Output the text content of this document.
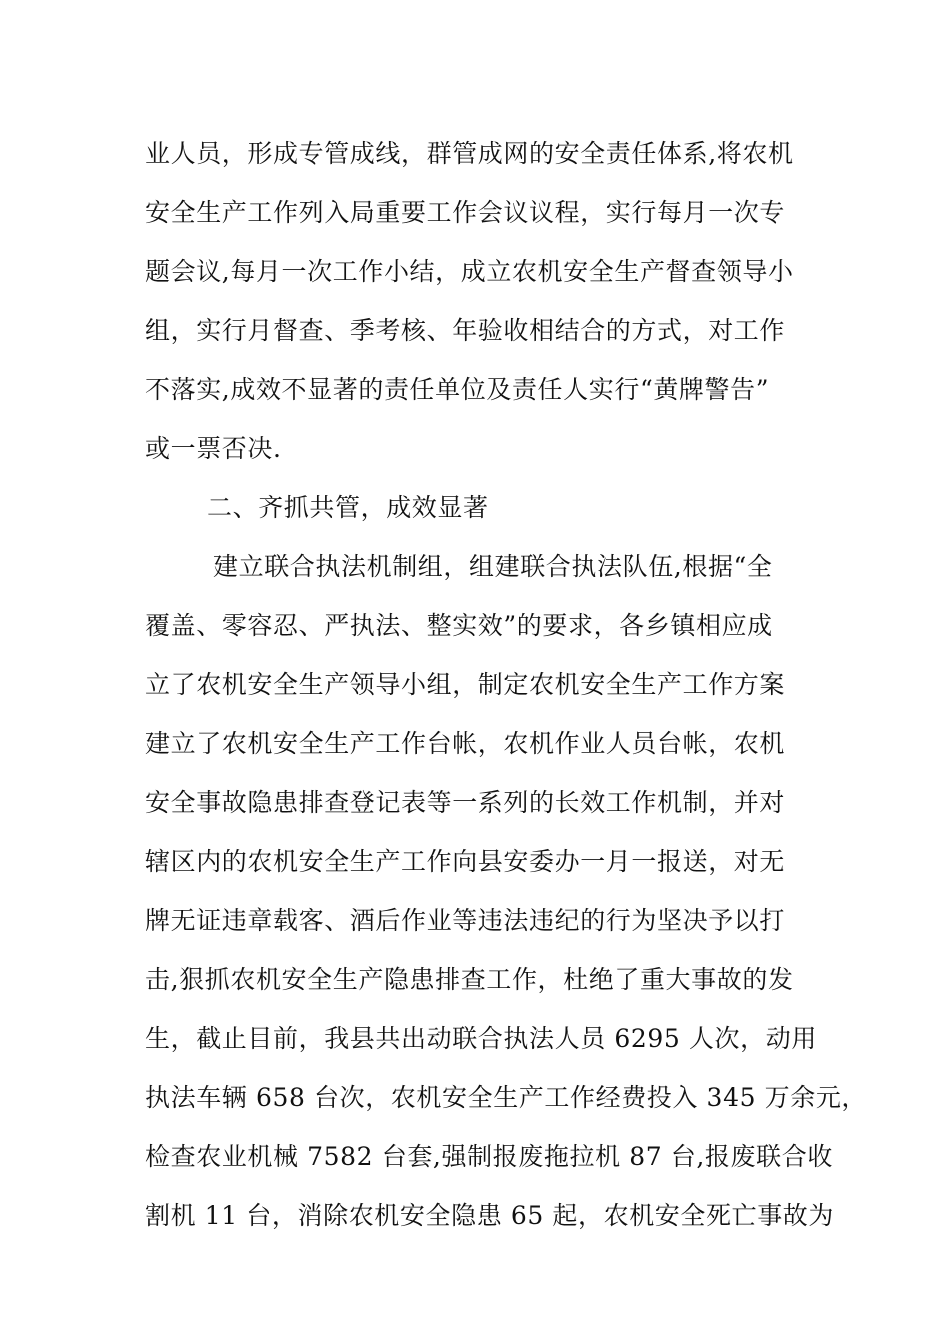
业人员，形成专管成线，群管成网的安全责任体系,将农机
安全生产工作列入局重要工作会议议程，实行每月一次专
题会议,每月一次工作小结，成立农机安全生产督查领导小
组，实行月督查、季考核、年验收相结合的方式，对工作
不落实,成效不显著的责任单位及责任人实行“黄牌警告”
或一票否决.
二、齐抓共管，成效显著
建立联合执法机制组，组建联合执法队伍,根据“全
覆盖、零容忍、严执法、整实效”的要求，各乡镇相应成
立了农机安全生产领导小组，制定农机安全生产工作方案
建立了农机安全生产工作台帐，农机作业人员台帐，农机
安全事故隐患排查登记表等一系列的长效工作机制，并对
辖区内的农机安全生产工作向县安委办一月一报送，对无
牌无证违章载客、酒后作业等违法违纪的行为坚决予以打
击,狠抓农机安全生产隐患排查工作，杜绝了重大事故的发
生，截止目前，我县共出动联合执法人员 6295 人次，动用
执法车辆 658 台次，农机安全生产工作经费投入 345 万余元，
检查农业机械 7582 台套,强制报废拖拉机 87 台,报废联合收
割机 11 台，消除农机安全隐患 65 起，农机安全死亡事故为
